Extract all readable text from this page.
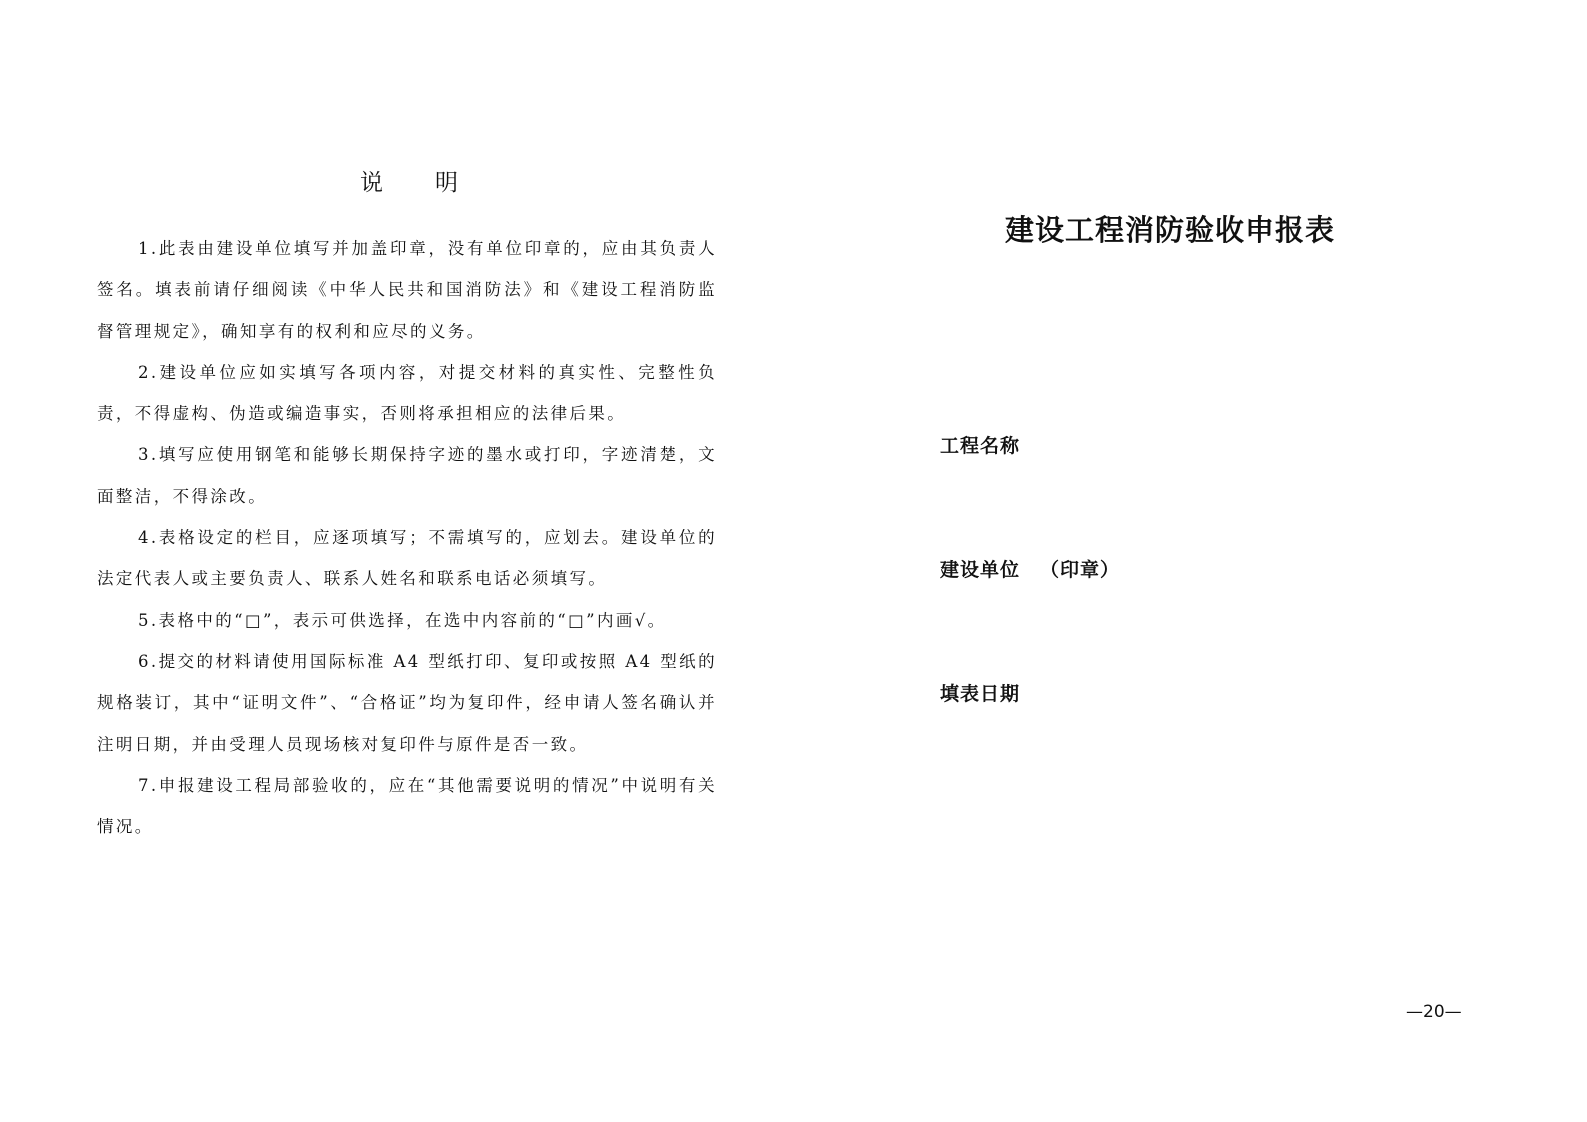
说明
1.此表由建设单位填写并加盖印章，没有单位印章的，应由其负责人签名。填表前请仔细阅读《中华人民共和国消防法》和《建设工程消防监督管理规定》，确知享有的权利和应尽的义务。
2.建设单位应如实填写各项内容，对提交材料的真实性、完整性负责，不得虚构、伪造或编造事实，否则将承担相应的法律后果。
3.填写应使用钢笔和能够长期保持字迹的墨水或打印，字迹清楚，文面整洁，不得涂改。
4.表格设定的栏目，应逐项填写；不需填写的，应划去。建设单位的法定代表人或主要负责人、联系人姓名和联系电话必须填写。
5.表格中的“□”，表示可供选择，在选中内容前的“□”内画√。
6.提交的材料请使用国际标准 A4 型纸打印、复印或按照 A4 型纸的规格装订，其中“证明文件”、“合格证”均为复印件，经申请人签名确认并注明日期，并由受理人员现场核对复印件与原件是否一致。
7.申报建设工程局部验收的，应在“其他需要说明的情况”中说明有关情况。
建设工程消防验收申报表
工程名称
建设单位 （印章）
填表日期
—20—
